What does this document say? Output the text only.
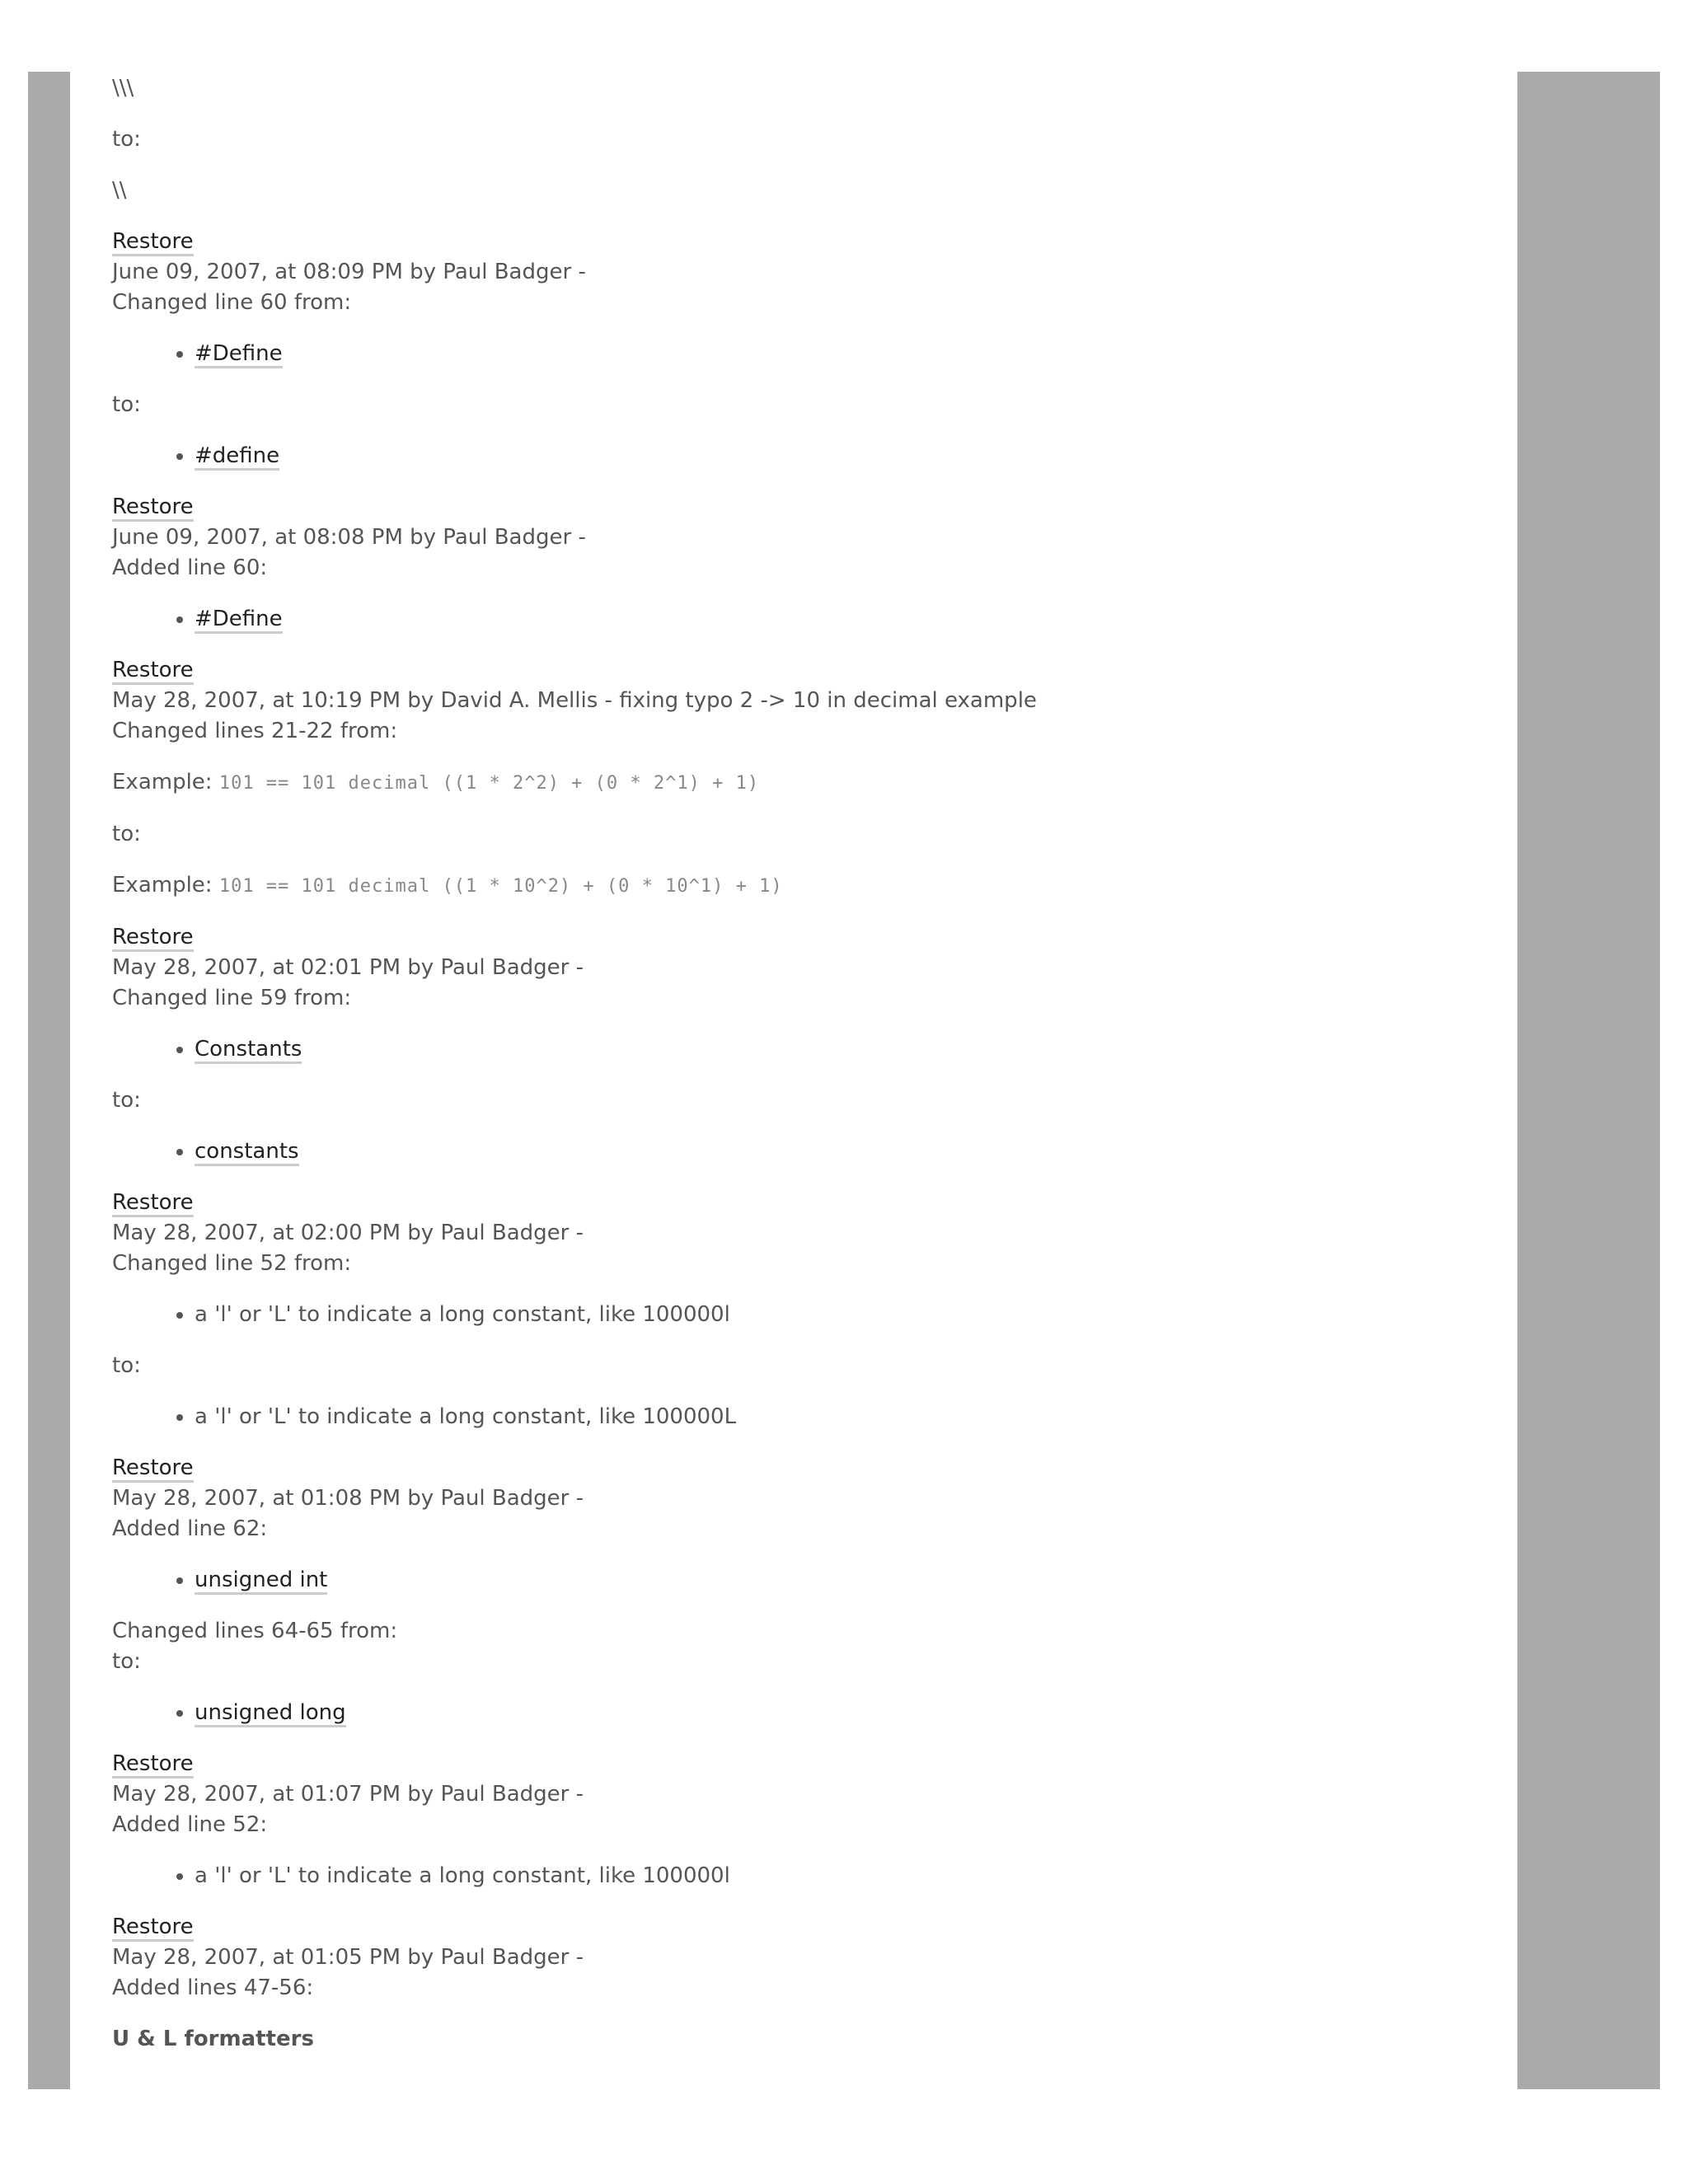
\\\

to:

\\

Restore
June 09, 2007, at 08:09 PM by Paul Badger -
Changed line 60 from:
• #Define

to:

• #define
Restore
June 09, 2007, at 08:08 PM by Paul Badger -
Added line 60:
• #Define
Restore
May 28, 2007, at 10:19 PM by David A. Mellis - fixing typo 2 -> 10 in decimal example
Changed lines 21-22 from:

Example: 101 == 101 decimal ((1 * 2^2) + (0 * 2^1) + 1)

to:

Example: 101 == 101 decimal ((1 * 10^2) + (0 * 10^1) + 1)

Restore
May 28, 2007, at 02:01 PM by Paul Badger -
Changed line 59 from:
• Constants

to:

• constants
Restore
May 28, 2007, at 02:00 PM by Paul Badger -
Changed line 52 from:
• a 'l' or 'L' to indicate a long constant, like 100000l

to:

• a 'l' or 'L' to indicate a long constant, like 100000L
Restore
May 28, 2007, at 01:08 PM by Paul Badger -
Added line 62:
• unsigned int
Changed lines 64-65 from:
to:
• unsigned long
Restore
May 28, 2007, at 01:07 PM by Paul Badger -
Added line 52:
• a 'l' or 'L' to indicate a long constant, like 100000l
Restore
May 28, 2007, at 01:05 PM by Paul Badger -
Added lines 47-56:

U & L formatters
